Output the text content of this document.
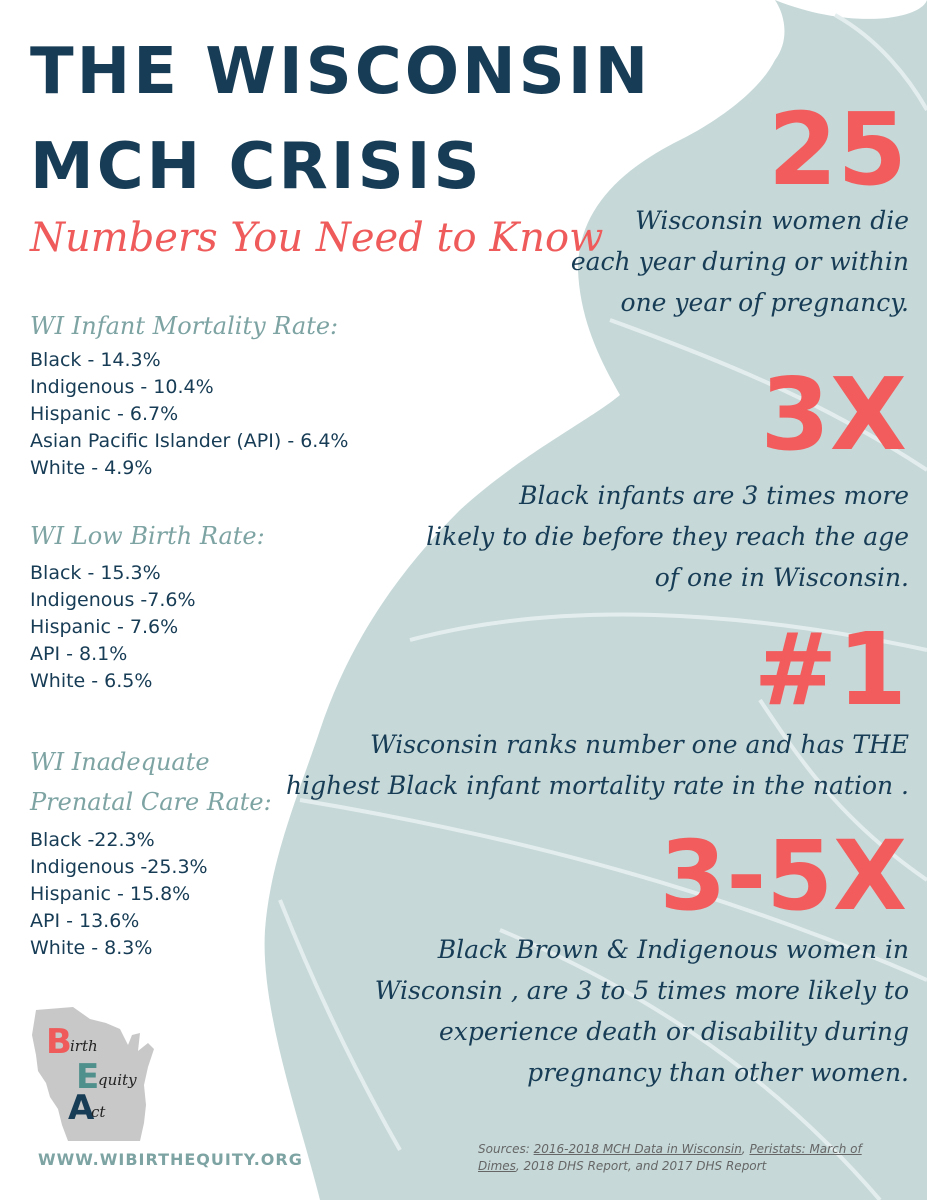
THE WISCONSIN
MCH CRISIS

Numbers You Need to Know

WI Infant Mortality Rate:

Black - 14.3%
Indigenous - 10.4%
Hispanic - 6.7%
Asian Pacific Islander (API) - 6.4%
White - 4.9%

WI Low Birth Rate:

Black - 15.3%
Indigenous -7.6%
Hispanic - 7.6%
API - 8.1%
White - 6.5%

WI Inadequate

Prenatal Care Rate:

Black -22.3%
Indigenous -25.3%
Hispanic - 15.8%
API - 13.6%
White - 8.3%

25

Wisconsin women die
each year during or within
one year of pregnancy.

3X

Black infants are 3 times more
likely to die before they reach the age
of one in Wisconsin.

#1

Wisconsin ranks number one and has THE
highest Black infant mortality rate in the nation .

3-5X

Black Brown & Indigenous women in
Wisconsin , are 3 to 5 times more likely to
experience death or disability during
pregnancy than other women.

B
irth
E
quity
A
ct

WWW.WIBIRTHEQUITY.ORG

Sources: 2016-2018 MCH Data in Wisconsin, Peristats: March of
Dimes, 2018 DHS Report, and 2017 DHS Report
